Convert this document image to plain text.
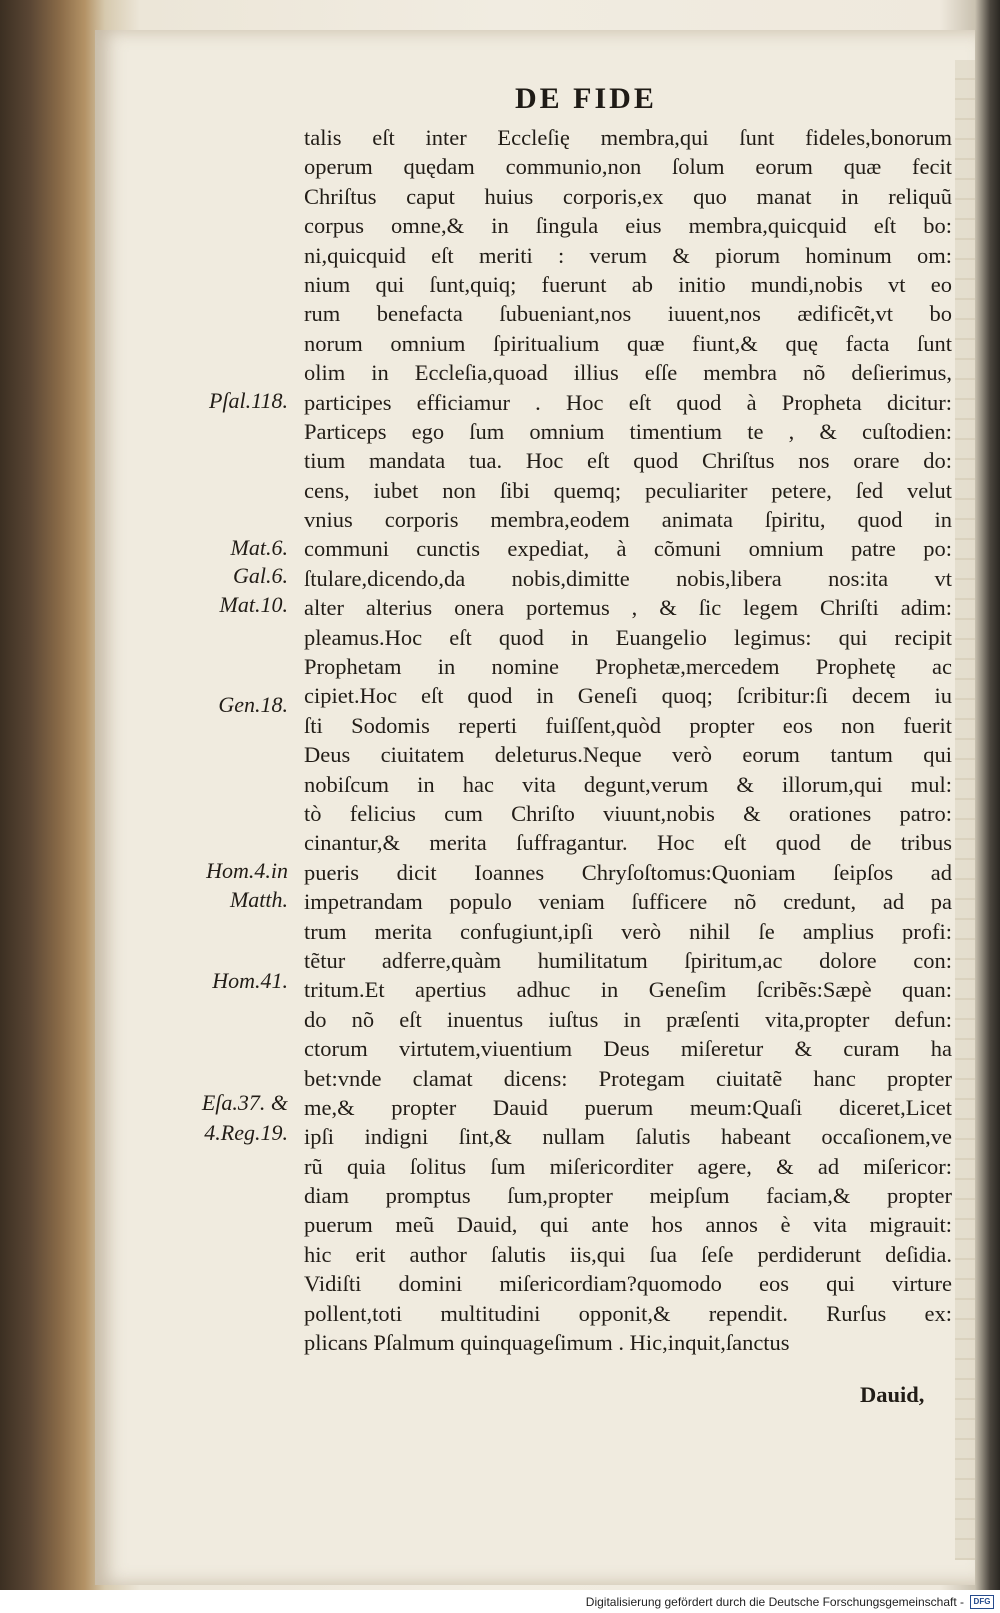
DE FIDE
talis eſt inter Eccleſię membra,qui ſunt fideles,bonorum
operum quędam communio,non ſolum eorum quæ fecit
Chriſtus caput huius corporis,ex quo manat in reliquũ
corpus omne,& in ſingula eius membra,quicquid eſt bo:
ni,quicquid eſt meriti : verum & piorum hominum om:
nium qui ſunt,quiq; fuerunt ab initio mundi,nobis vt eo
rum benefacta ſubueniant,nos iuuent,nos ædificẽt,vt bo
norum omnium ſpiritualium quæ fiunt,& quę facta ſunt
olim in Eccleſia,quoad illius eſſe membra nõ deſierimus,
participes efficiamur . Hoc eſt quod à Propheta dicitur:
Particeps ego ſum omnium timentium te , & cuſtodien:
tium mandata tua. Hoc eſt quod Chriſtus nos orare do:
cens, iubet non ſibi quemq; peculiariter petere, ſed velut
vnius corporis membra,eodem animata ſpiritu, quod in
communi cunctis expediat, à cõmuni omnium patre po:
ſtulare,dicendo,da nobis,dimitte nobis,libera nos:ita vt
alter alterius onera portemus , & ſic legem Chriſti adim:
pleamus.Hoc eſt quod in Euangelio legimus: qui recipit
Prophetam in nomine Prophetæ,mercedem Prophetę ac
cipiet.Hoc eſt quod in Geneſi quoq; ſcribitur:ſi decem iu
ſti Sodomis reperti fuiſſent,quòd propter eos non fuerit
Deus ciuitatem deleturus.Neque verò eorum tantum qui
nobiſcum in hac vita degunt,verum & illorum,qui mul:
tò felicius cum Chriſto viuunt,nobis & orationes patro:
cinantur,& merita ſuffragantur. Hoc eſt quod de tribus
pueris dicit Ioannes Chryſoſtomus:Quoniam ſeipſos ad
impetrandam populo veniam ſufficere nõ credunt, ad pa
trum merita confugiunt,ipſi verò nihil ſe amplius profi:
tẽtur adferre,quàm humilitatum ſpiritum,ac dolore con:
tritum.Et apertius adhuc in Geneſim ſcribẽs:Sæpè quan:
do nõ eſt inuentus iuſtus in præſenti vita,propter defun:
ctorum virtutem,viuentium Deus miſeretur & curam ha
bet:vnde clamat dicens: Protegam ciuitatẽ hanc propter
me,& propter Dauid puerum meum:Quaſi diceret,Licet
ipſi indigni ſint,& nullam ſalutis habeant occaſionem,ve
rũ quia ſolitus ſum miſericorditer agere, & ad miſericor:
diam promptus ſum,propter meipſum faciam,& propter
puerum meũ Dauid, qui ante hos annos è vita migrauit:
hic erit author ſalutis iis,qui ſua ſeſe perdiderunt deſidia.
Vidiſti domini miſericordiam?quomodo eos qui virture
pollent,toti multitudini opponit,& rependit. Rurſus ex:
plicans Pſalmum quinquageſimum . Hic,inquit,ſanctus
Dauid,
Pſal.118.
Mat.6.
Gal.6.
Mat.10.
Gen.18.
Hom.4.in
Matth.
Hom.41.
Eſa.37. &
4.Reg.19.
Digitalisierung gefördert durch die Deutsche Forschungsgemeinschaft -	DFG
